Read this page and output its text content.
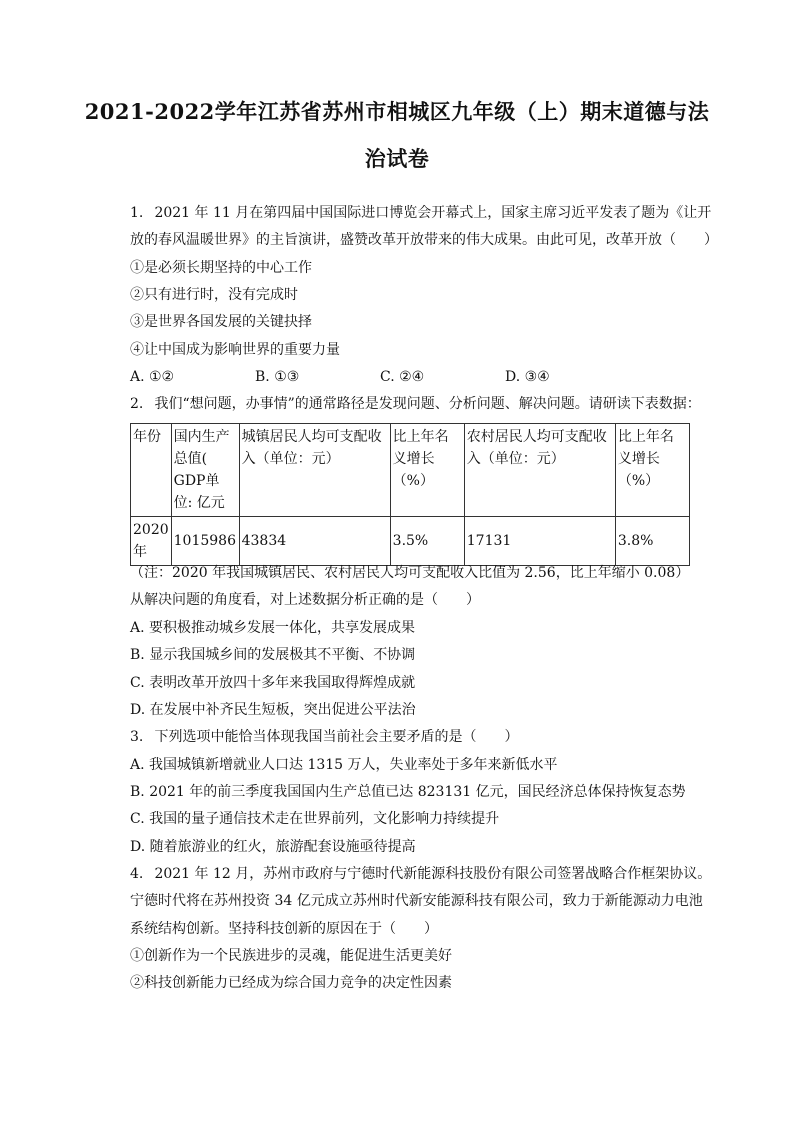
2021-2022学年江苏省苏州市相城区九年级（上）期末道德与法
治试卷
1. 2021 年 11 月在第四届中国国际进口博览会开幕式上，国家主席习近平发表了题为《让开
放的春风温暖世界》的主旨演讲，盛赞改革开放带来的伟大成果。由此可见，改革开放（　　）
①是必须长期坚持的中心工作
②只有进行时，没有完成时
③是世界各国发展的关键抉择
④让中国成为影响世界的重要力量
A. ①②	B. ①③	C. ②④	D. ③④
2. 我们“想问题，办事情”的通常路径是发现问题、分析问题、解决问题。请研读下表数据：
年份	国内生产总值( GDP单位: 亿元	城镇居民人均可支配收入（单位：元）	比上年名义增长（%）	农村居民人均可支配收入（单位：元）	比上年名义增长（%）
2020年	1015986	43834	3.5%	17131	3.8%
（注：2020 年我国城镇居民、农村居民人均可支配收入比值为 2.56，比上年缩小 0.08）
从解决问题的角度看，对上述数据分析正确的是（　　）
A. 要积极推动城乡发展一体化，共享发展成果
B. 显示我国城乡间的发展极其不平衡、不协调
C. 表明改革开放四十多年来我国取得辉煌成就
D. 在发展中补齐民生短板，突出促进公平法治
3. 下列选项中能恰当体现我国当前社会主要矛盾的是（　　）
A. 我国城镇新增就业人口达 1315 万人，失业率处于多年来新低水平
B. 2021 年的前三季度我国国内生产总值已达 823131 亿元，国民经济总体保持恢复态势
C. 我国的量子通信技术走在世界前列，文化影响力持续提升
D. 随着旅游业的红火，旅游配套设施亟待提高
4. 2021 年 12 月，苏州市政府与宁德时代新能源科技股份有限公司签署战略合作框架协议。
宁德时代将在苏州投资 34 亿元成立苏州时代新安能源科技有限公司，致力于新能源动力电池
系统结构创新。坚持科技创新的原因在于（　　）
①创新作为一个民族进步的灵魂，能促进生活更美好
②科技创新能力已经成为综合国力竞争的决定性因素
